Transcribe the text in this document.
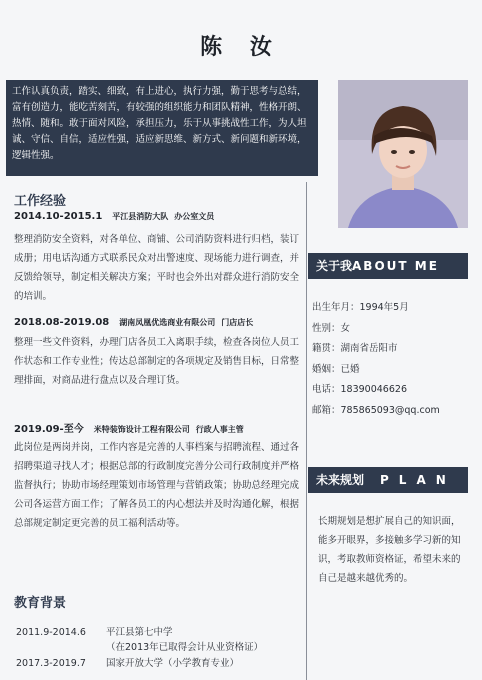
陈 汝
工作认真负责，踏实、细致，有上进心，执行力强，勤于思考与总结，富有创造力，能吃苦刻苦，有较强的组织能力和团队精神，性格开朗、热情、随和。敢于面对风险，承担压力，乐于从事挑战性工作，为人坦诚、守信、自信，适应性强，适应新思维、新方式、新问题和新环境，逻辑性强。
工作经验
2014.10-2015.1 平江县消防大队 办公室文员
整理消防安全资料，对各单位、商铺、公司消防资料进行归档，装订成册；用电话沟通方式联系民众对出警速度、现场能力进行调查，并反馈给领导，制定相关解决方案；平时也会外出对群众进行消防安全的培训。
2018.08-2019.08 湖南凤凰优选商业有限公司 门店店长
整理一些文件资料，办理门店各员工入离职手续，检查各岗位人员工作状态和工作专业性；传达总部制定的各项规定及销售目标，日常整理排面，对商品进行盘点以及合理订货。
2019.09-至今 米特装饰设计工程有限公司 行政人事主管
此岗位是两岗并岗，工作内容是完善的人事档案与招聘流程、通过各招聘渠道寻找人才；根据总部的行政制度完善分公司行政制度并严格监督执行；协助市场经理策划市场管理与营销政策；协助总经理完成公司各运营方面工作；了解各员工的内心想法并及时沟通化解，根据总部规定制定更完善的员工福利活动等。
教育背景
2011.9-2014.6 平江县第七中学
（在2013年已取得会计从业资格证）
2017.3-2019.7 国家开放大学（小学教育专业）
关于我ABOUT ME
出生年月：1994年5月
性别：女
籍贯：湖南省岳阳市
婚姻：已婚
电话：18390046626
邮箱：785865093@qq.com
未来规划 PLAN
长期规划是想扩展自己的知识面，能多开眼界，多接触多学习新的知识，考取教师资格证，希望未来的自己是越来越优秀的。
